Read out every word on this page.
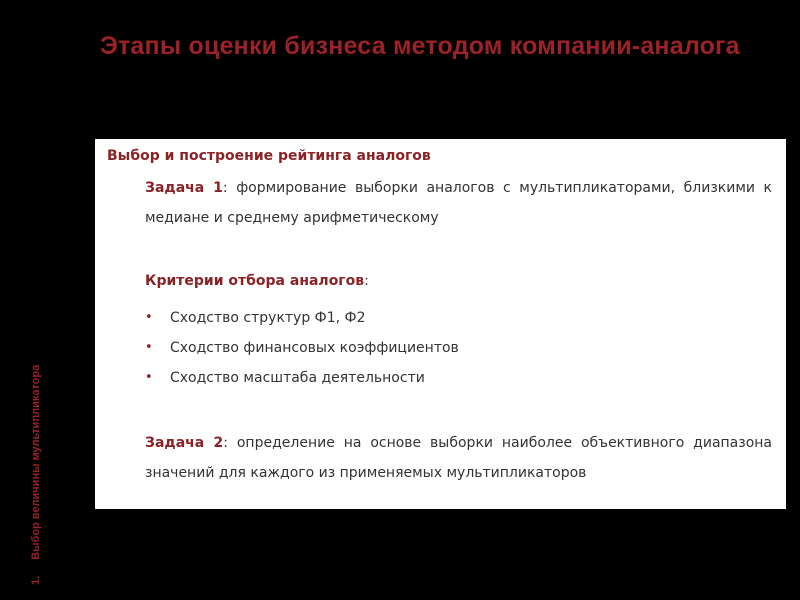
Этапы оценки бизнеса методом компании-аналога
1.Выбор величины мультипликатора
Выбор и построение рейтинга аналогов
Задача 1: формирование выборки аналогов с мультипликаторами, близкими к медиане и среднему арифметическому
Критерии отбора аналогов:
• Сходство структур Ф1, Ф2
• Сходство финансовых коэффициентов
• Сходство масштаба деятельности
Задача 2: определение на основе выборки наиболее объективного диапазона значений для каждого из применяемых мультипликаторов
